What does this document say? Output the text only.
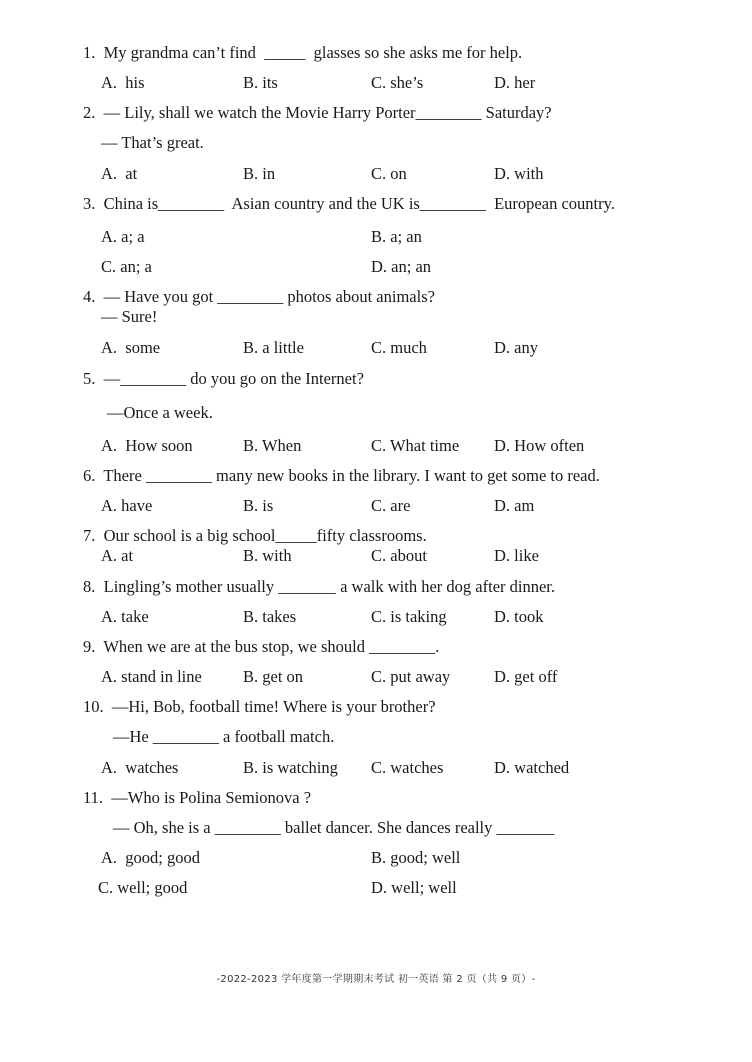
1.  My grandma can’t find  _____  glasses so she asks me for help.
A.  his	B. its	C. she’s	D. her
2.  — Lily, shall we watch the Movie Harry Porter________ Saturday?
— That’s great.
A.  at	B. in	C. on	D. with
3.  China is________  Asian country and the UK is________  European country.
A. a; a	B. a; an
C. an; a	D. an; an
4.  — Have you got ________ photos about animals?
— Sure!
A.  some	B. a little	C. much	D. any
5.  —________ do you go on the Internet?
—Once a week.
A.  How soon	B. When	C. What time D. How often
6.  There ________ many new books in the library. I want to get some to read.
A. have	B. is	C. are	D. am
7.  Our school is a big school_____fifty classrooms.
A. at	B. with	C. about	D. like
8.  Lingling’s mother usually _______ a walk with her dog after dinner.
A. take	B. takes	C. is taking	D. took
9.  When we are at the bus stop, we should ________.
A. stand in line B. get on	C. put away	D. get off
10.  —Hi, Bob, football time! Where is your brother?
—He ________ a football match.
A.  watches	B. is watching C. watches	D. watched
11.  —Who is Polina Semionova ?
— Oh, she is a ________ ballet dancer. She dances really _______
A.  good; good	B. good; well
C. well; good	D. well; well
-2022-2023 学年度第一学期期末考试 初一英语 第 2 页（共 9 页）-
